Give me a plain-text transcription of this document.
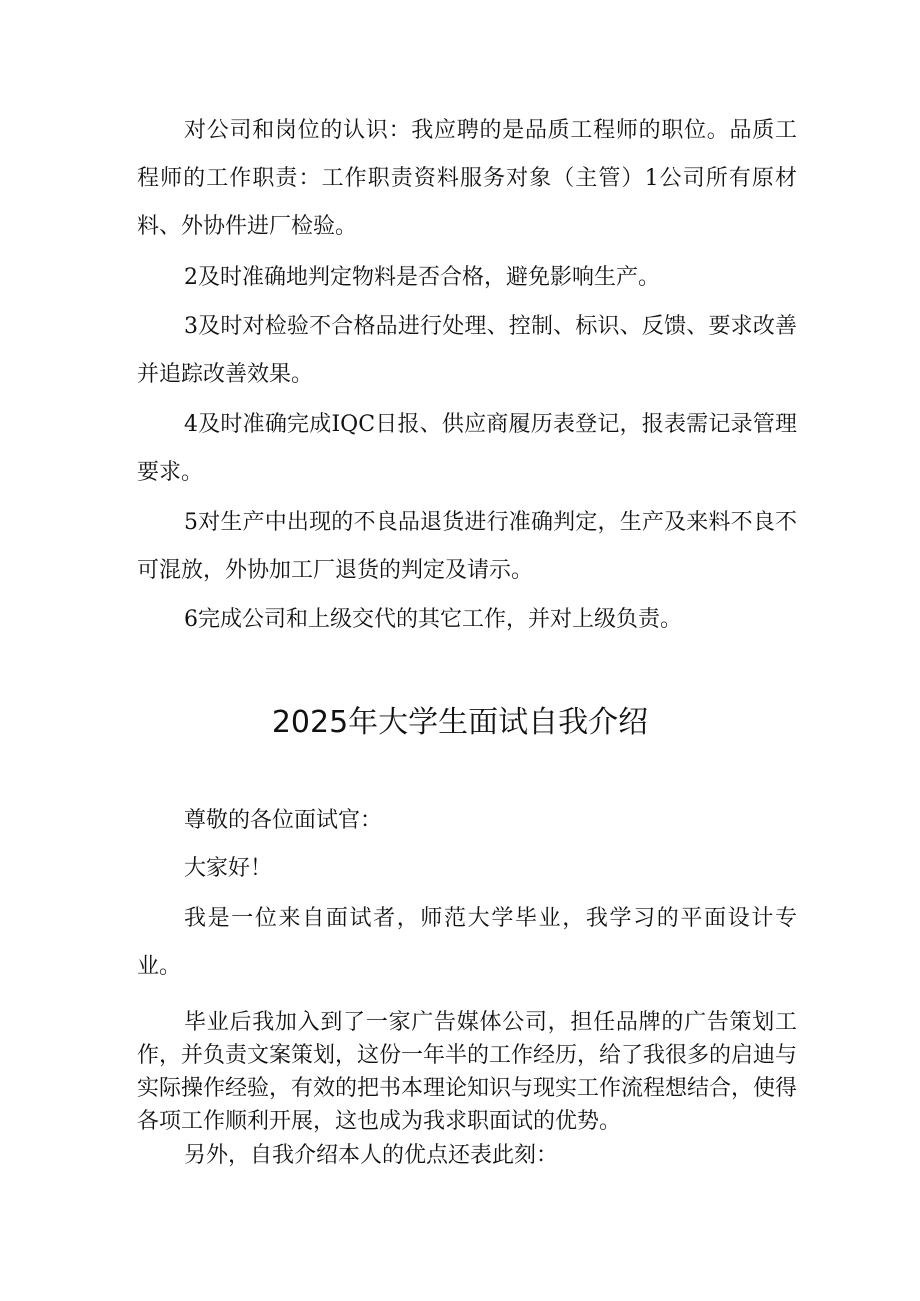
对公司和岗位的认识：我应聘的是品质工程师的职位。品质工程师的工作职责：工作职责资料服务对象（主管）1公司所有原材料、外协件进厂检验。

2及时准确地判定物料是否合格，避免影响生产。

3及时对检验不合格品进行处理、控制、标识、反馈、要求改善并追踪改善效果。

4及时准确完成IQC日报、供应商履历表登记，报表需记录管理要求。

5对生产中出现的不良品退货进行准确判定，生产及来料不良不可混放，外协加工厂退货的判定及请示。

6完成公司和上级交代的其它工作，并对上级负责。

2025年大学生面试自我介绍

尊敬的各位面试官：

大家好！

我是一位来自面试者，师范大学毕业，我学习的平面设计专业。

毕业后我加入到了一家广告媒体公司，担任品牌的广告策划工作，并负责文案策划，这份一年半的工作经历，给了我很多的启迪与实际操作经验，有效的把书本理论知识与现实工作流程想结合，使得各项工作顺利开展，这也成为我求职面试的优势。

另外，自我介绍本人的优点还表此刻：
